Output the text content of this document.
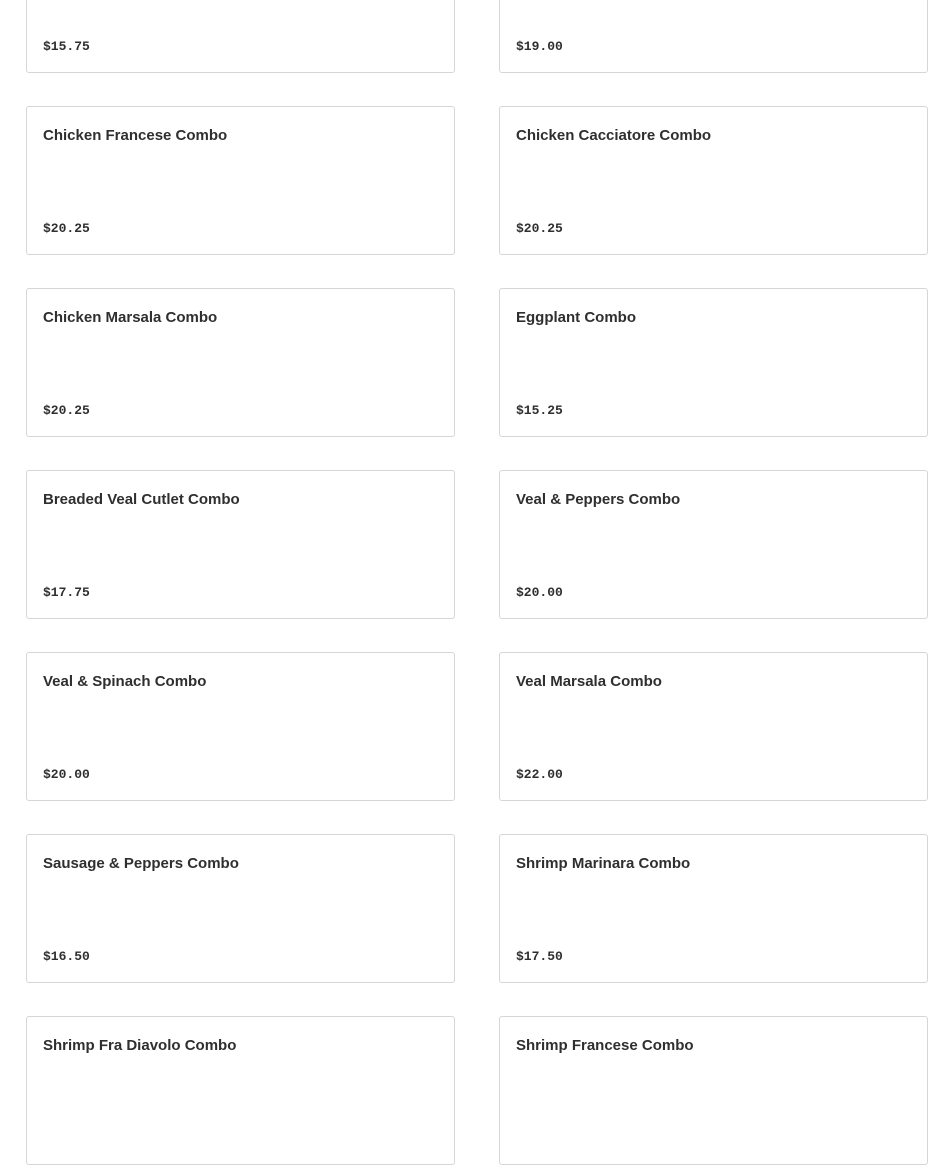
$15.75	$19.00
Chicken Francese Combo
$20.25
Chicken Cacciatore Combo
$20.25
Chicken Marsala Combo
$20.25
Eggplant Combo
$15.25
Breaded Veal Cutlet Combo
$17.75
Veal & Peppers Combo
$20.00
Veal & Spinach Combo
$20.00
Veal Marsala Combo
$22.00
Sausage & Peppers Combo
$16.50
Shrimp Marinara Combo
$17.50
Shrimp Fra Diavolo Combo	Shrimp Francese Combo
